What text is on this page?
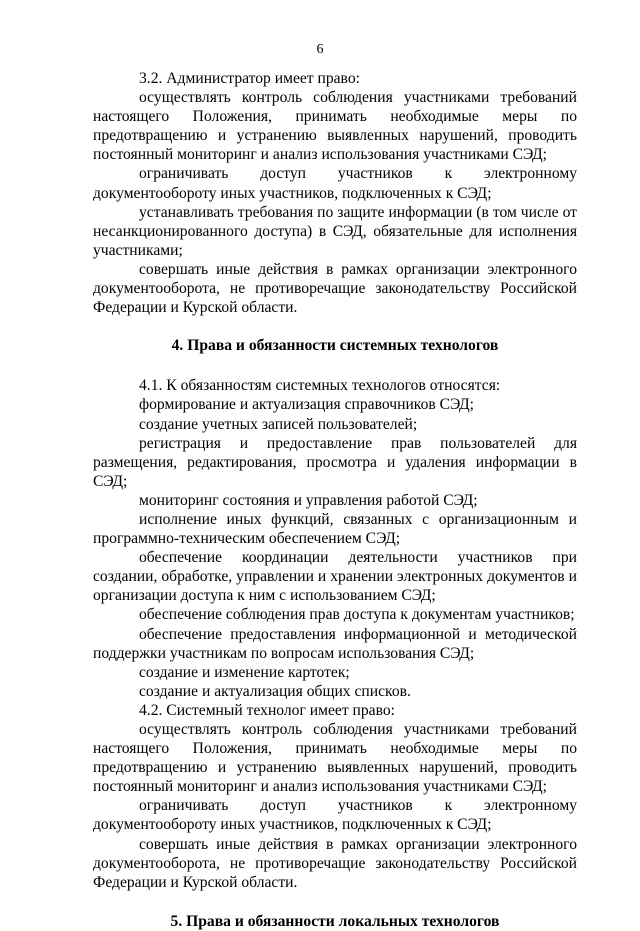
6

3.2. Администратор имеет право:

осуществлять контроль соблюдения участниками требований настоящего Положения, принимать необходимые меры по предотвращению и устранению выявленных нарушений, проводить постоянный мониторинг и анализ использования участниками СЭД;

ограничивать доступ участников к электронному документообороту иных участников, подключенных к СЭД;

устанавливать требования по защите информации (в том числе от несанкционированного доступа) в СЭД, обязательные для исполнения участниками;

совершать иные действия в рамках организации электронного документооборота, не противоречащие законодательству Российской Федерации и Курской области.

4. Права и обязанности системных технологов

4.1. К обязанностям системных технологов относятся:

формирование и актуализация справочников СЭД;

создание учетных записей пользователей;

регистрация и предоставление прав пользователей для размещения, редактирования, просмотра и удаления информации в СЭД;

мониторинг состояния и управления работой СЭД;

исполнение иных функций, связанных с организационным и программно-техническим обеспечением СЭД;

обеспечение координации деятельности участников при создании, обработке, управлении и хранении электронных документов и организации доступа к ним с использованием СЭД;

обеспечение соблюдения прав доступа к документам участников;

обеспечение предоставления информационной и методической поддержки участникам по вопросам использования СЭД;

создание и изменение картотек;

создание и актуализация общих списков.

4.2. Системный технолог имеет право:

осуществлять контроль соблюдения участниками требований настоящего Положения, принимать необходимые меры по предотвращению и устранению выявленных нарушений, проводить постоянный мониторинг и анализ использования участниками СЭД;

ограничивать доступ участников к электронному документообороту иных участников, подключенных к СЭД;

совершать иные действия в рамках организации электронного документооборота, не противоречащие законодательству Российской Федерации и Курской области.

5. Права и обязанности локальных технологов
